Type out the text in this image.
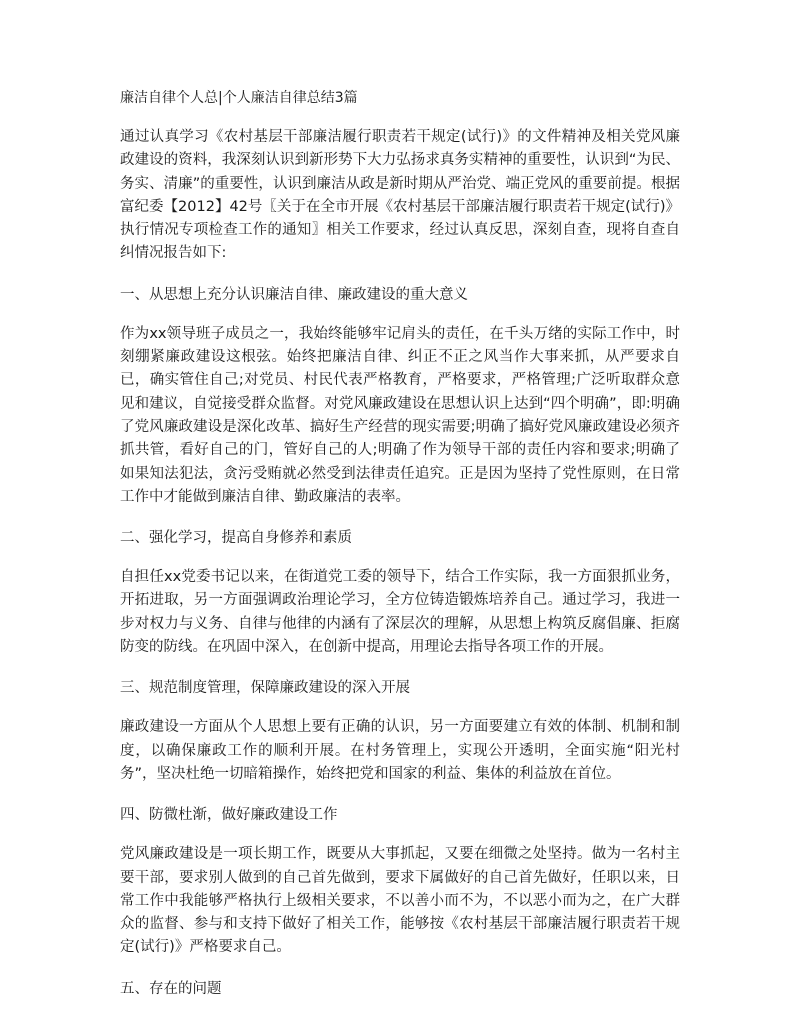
廉洁自律个人总|个人廉洁自律总结3篇

通过认真学习《农村基层干部廉洁履行职责若干规定(试行)》的文件精神及相关党风廉政建设的资料，我深刻认识到新形势下大力弘扬求真务实精神的重要性，认识到“为民、务实、清廉”的重要性，认识到廉洁从政是新时期从严治党、端正党风的重要前提。根据富纪委【2012】42号〖关于在全市开展《农村基层干部廉洁履行职责若干规定(试行)》执行情况专项检查工作的通知〗相关工作要求，经过认真反思，深刻自查，现将自查自纠情况报告如下:

一、从思想上充分认识廉洁自律、廉政建设的重大意义

作为xx领导班子成员之一，我始终能够牢记肩头的责任，在千头万绪的实际工作中，时刻绷紧廉政建设这根弦。始终把廉洁自律、纠正不正之风当作大事来抓，从严要求自已，确实管住自己;对党员、村民代表严格教育，严格要求，严格管理;广泛听取群众意见和建议，自觉接受群众监督。对党风廉政建设在思想认识上达到“四个明确”，即:明确了党风廉政建设是深化改革、搞好生产经营的现实需要;明确了搞好党风廉政建设必须齐抓共管，看好自己的门，管好自己的人;明确了作为领导干部的责任内容和要求;明确了如果知法犯法，贪污受贿就必然受到法律责任追究。正是因为坚持了党性原则，在日常工作中才能做到廉洁自律、勤政廉洁的表率。

二、强化学习，提高自身修养和素质

自担任xx党委书记以来，在街道党工委的领导下，结合工作实际，我一方面狠抓业务，开拓进取，另一方面强调政治理论学习，全方位铸造锻炼培养自己。通过学习，我进一步对权力与义务、自律与他律的内涵有了深层次的理解，从思想上构筑反腐倡廉、拒腐防变的防线。在巩固中深入，在创新中提高，用理论去指导各项工作的开展。

三、规范制度管理，保障廉政建设的深入开展

廉政建设一方面从个人思想上要有正确的认识，另一方面要建立有效的体制、机制和制度，以确保廉政工作的顺利开展。在村务管理上，实现公开透明，全面实施“阳光村务”，坚决杜绝一切暗箱操作，始终把党和国家的利益、集体的利益放在首位。

四、防微杜渐，做好廉政建设工作

党风廉政建设是一项长期工作，既要从大事抓起，又要在细微之处坚持。做为一名村主要干部，要求别人做到的自己首先做到，要求下属做好的自己首先做好，任职以来，日常工作中我能够严格执行上级相关要求，不以善小而不为，不以恶小而为之，在广大群众的监督、参与和支持下做好了相关工作，能够按《农村基层干部廉洁履行职责若干规定(试行)》严格要求自己。

五、存在的问题
